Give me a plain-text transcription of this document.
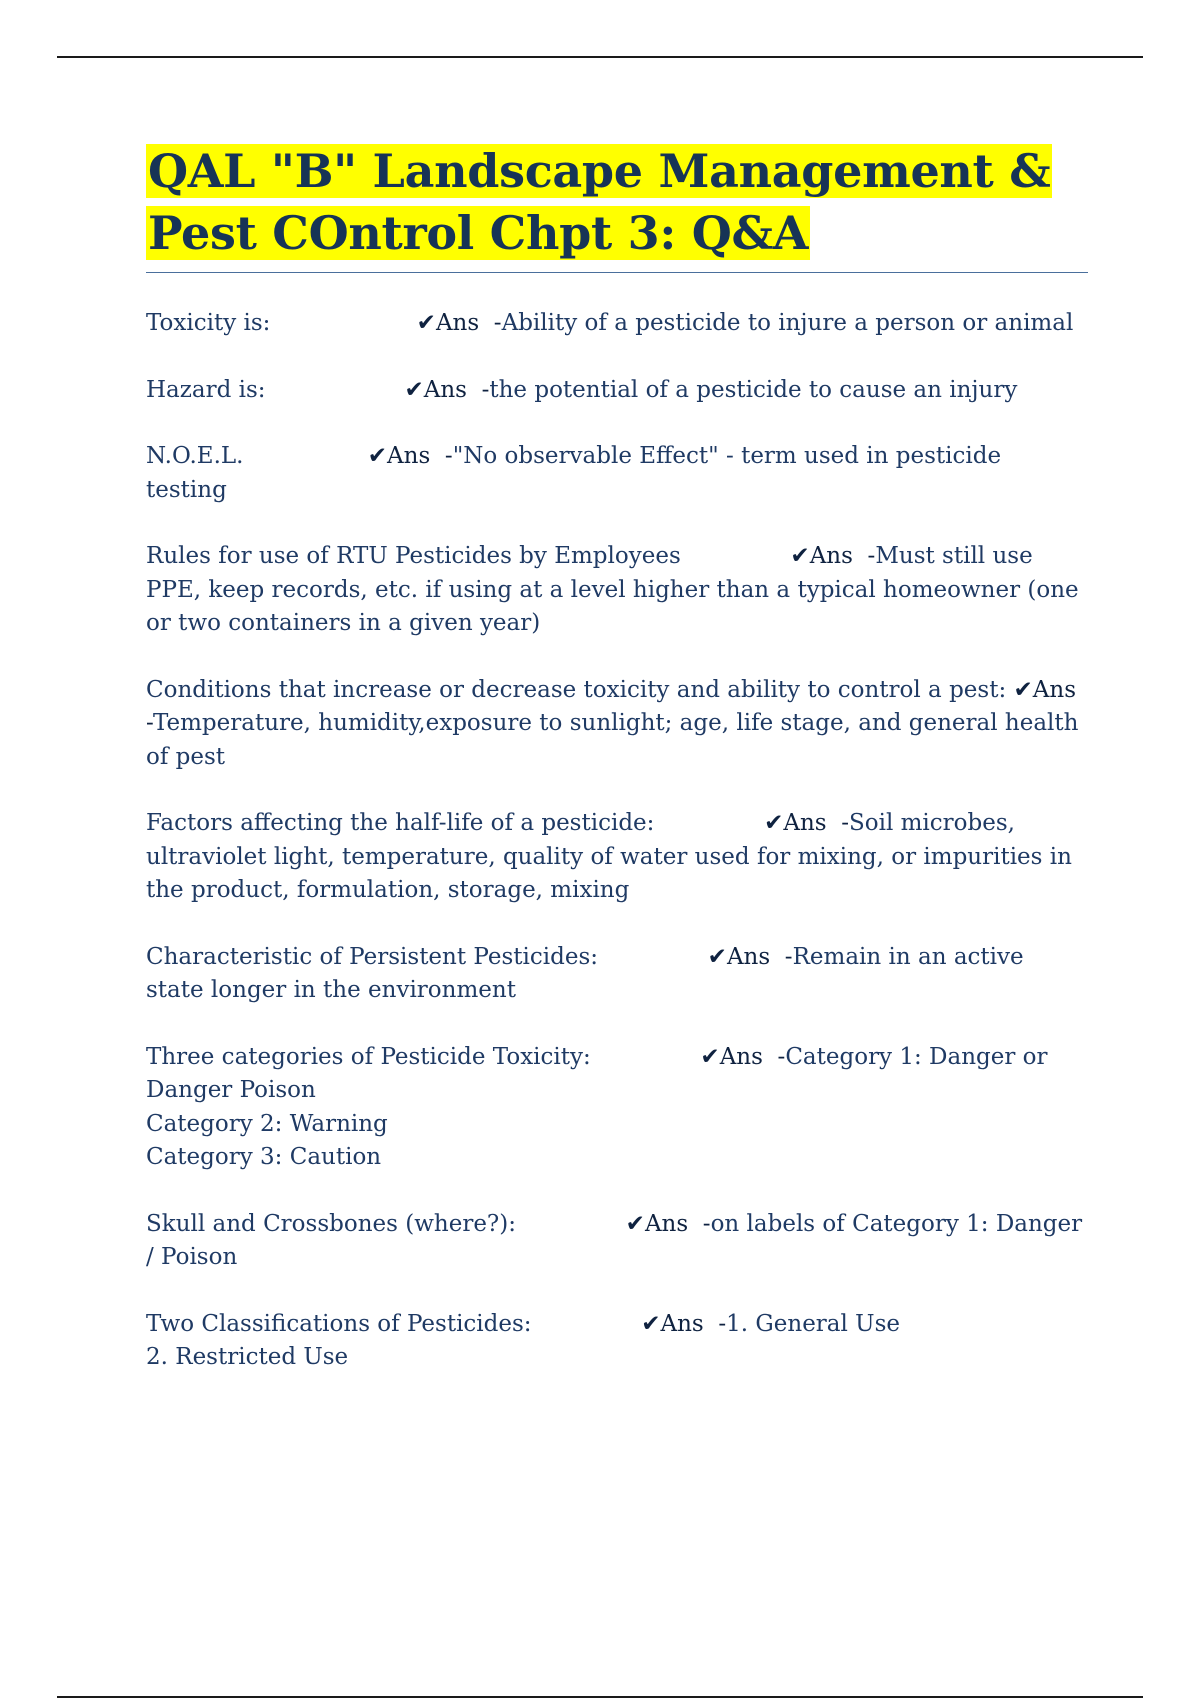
QAL "B" Landscape Management &
Pest COntrol Chpt 3: Q&A

Toxicity is:	✔Ans  -Ability of a pesticide to injure a person or animal

Hazard is:	✔Ans  -the potential of a pesticide to cause an injury

N.O.E.L.	✔Ans  -"No observable Effect" - term used in pesticide testing

Rules for use of RTU Pesticides by Employees	✔Ans  -Must still use PPE, keep records, etc. if using at a level higher than a typical homeowner (one or two containers in a given year)

Conditions that increase or decrease toxicity and ability to control a pest: ✔Ans  -Temperature, humidity,exposure to sunlight; age, life stage, and general health of pest

Factors affecting the half-life of a pesticide:	✔Ans  -Soil microbes, ultraviolet light, temperature, quality of water used for mixing, or impurities in the product, formulation, storage, mixing

Characteristic of Persistent Pesticides:	✔Ans  -Remain in an active state longer in the environment

Three categories of Pesticide Toxicity:	✔Ans  -Category 1: Danger or Danger Poison
Category 2: Warning
Category 3: Caution

Skull and Crossbones (where?):	✔Ans  -on labels of Category 1: Danger / Poison

Two Classifications of Pesticides:	✔Ans  -1. General Use
2. Restricted Use
